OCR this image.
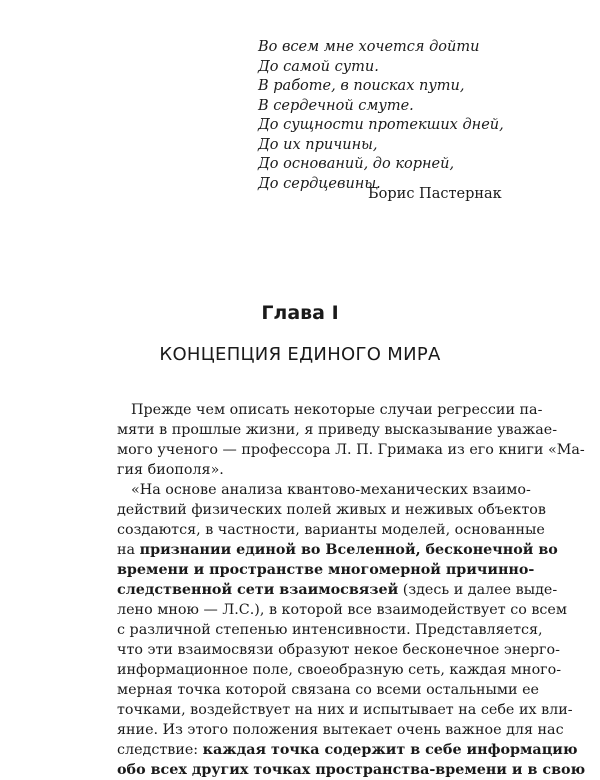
Во всем мне хочется дойти
До самой сути.
В работе, в поисках пути,
В сердечной смуте.
До сущности протекших дней,
До их причины,
До оснований, до корней,
До сердцевины.
Борис Пастернак
Глава I
КОНЦЕПЦИЯ ЕДИНОГО МИРА
Прежде чем описать некоторые случаи регрессии па-
мяти в прошлые жизни, я приведу высказывание уважае-
мого ученого — профессора Л. П. Гримака из его книги «Ма-
гия биополя».
«На основе анализа квантово-механических взаимо-
действий физических полей живых и неживых объектов
создаются, в частности, варианты моделей, основанные
на признании единой во Вселенной, бесконечной во
времени и пространстве многомерной причинно-
следственной сети взаимосвязей (здесь и далее выде-
лено мною — Л.С.), в которой все взаимодействует со всем
с различной степенью интенсивности. Представляется,
что эти взаимосвязи образуют некое бесконечное энерго-
информационное поле, своеобразную сеть, каждая много-
мерная точка которой связана со всеми остальными ее
точками, воздействует на них и испытывает на себе их вли-
яние. Из этого положения вытекает очень важное для нас
следствие: каждая точка содержит в себе информацию
обо всех других точках пространства-времени и в свою
